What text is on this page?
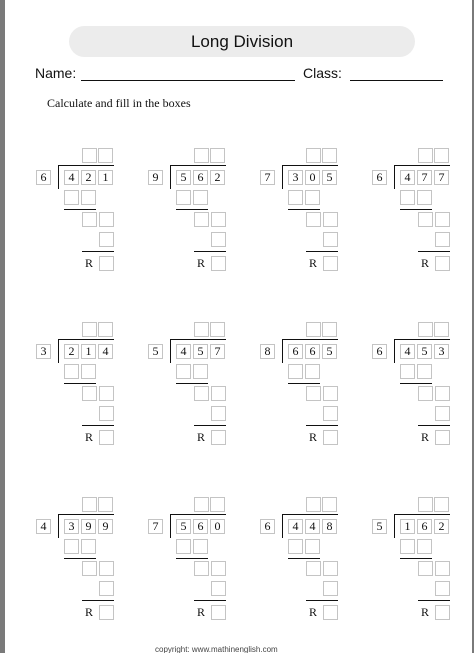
Long Division
Name:	Class:
Calculate and fill in the boxes
6	4 2 1
R
9	5 6 2
R
7	3 0 5
R
6	4 7 7
R
3	2 1 4
R
5	4 5 7
R
8	6 6 5
R
6	4 5 3
R
4	3 9 9
R
7	5 6 0
R
6	4 4 8
R
5	1 6 2
R
copyright: www.mathinenglish.com
